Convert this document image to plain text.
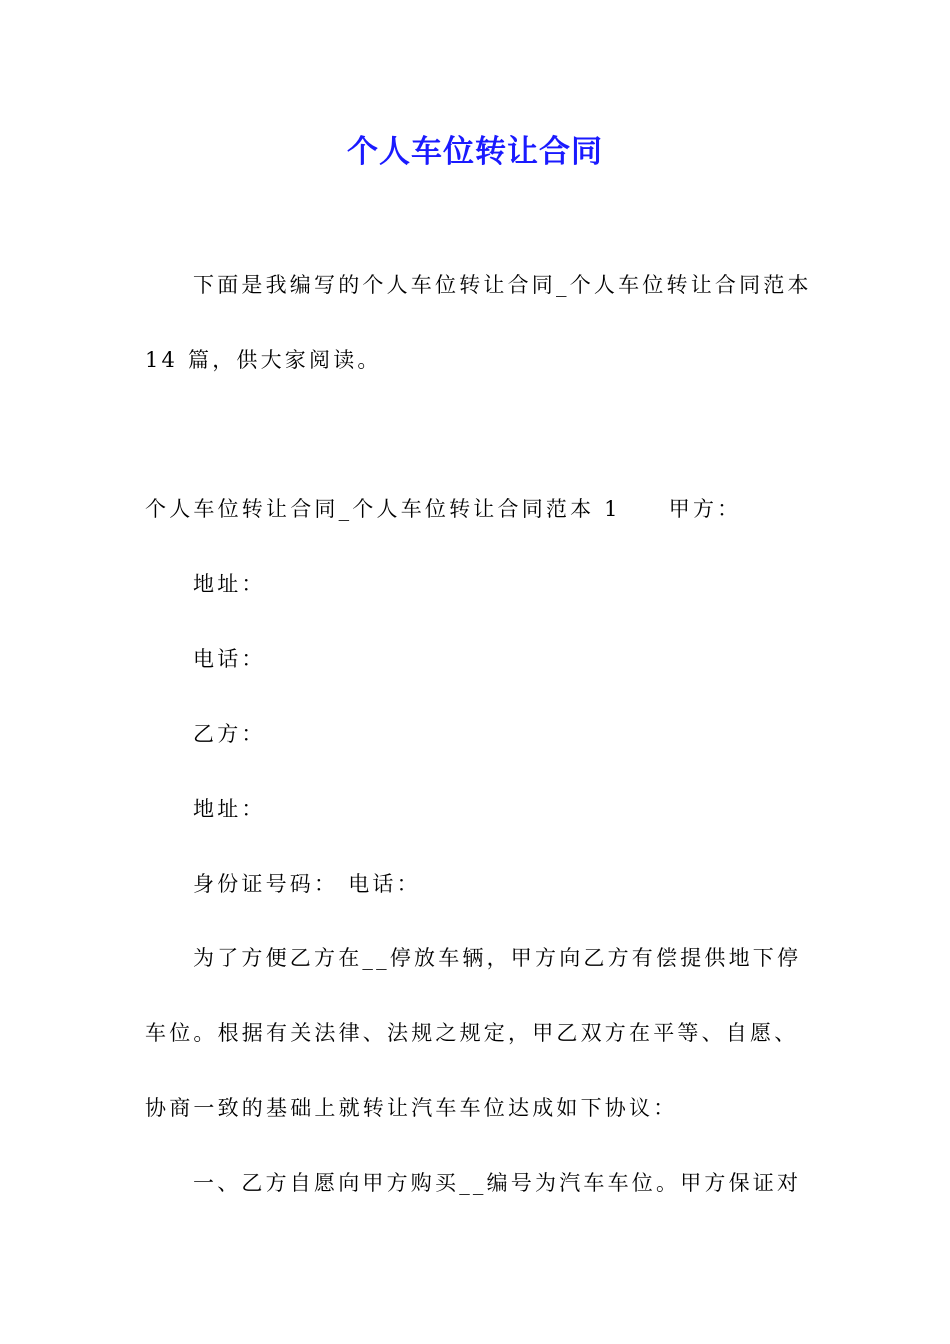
个人车位转让合同
下面是我编写的个人车位转让合同_个人车位转让合同范本
14 篇，供大家阅读。
个人车位转让合同_个人车位转让合同范本 1 甲方：
地址：
电话：
乙方：
地址：
身份证号码： 电话：
为了方便乙方在__停放车辆，甲方向乙方有偿提供地下停
车位。根据有关法律、法规之规定，甲乙双方在平等、自愿、
协商一致的基础上就转让汽车车位达成如下协议：
一、乙方自愿向甲方购买__编号为汽车车位。甲方保证对
